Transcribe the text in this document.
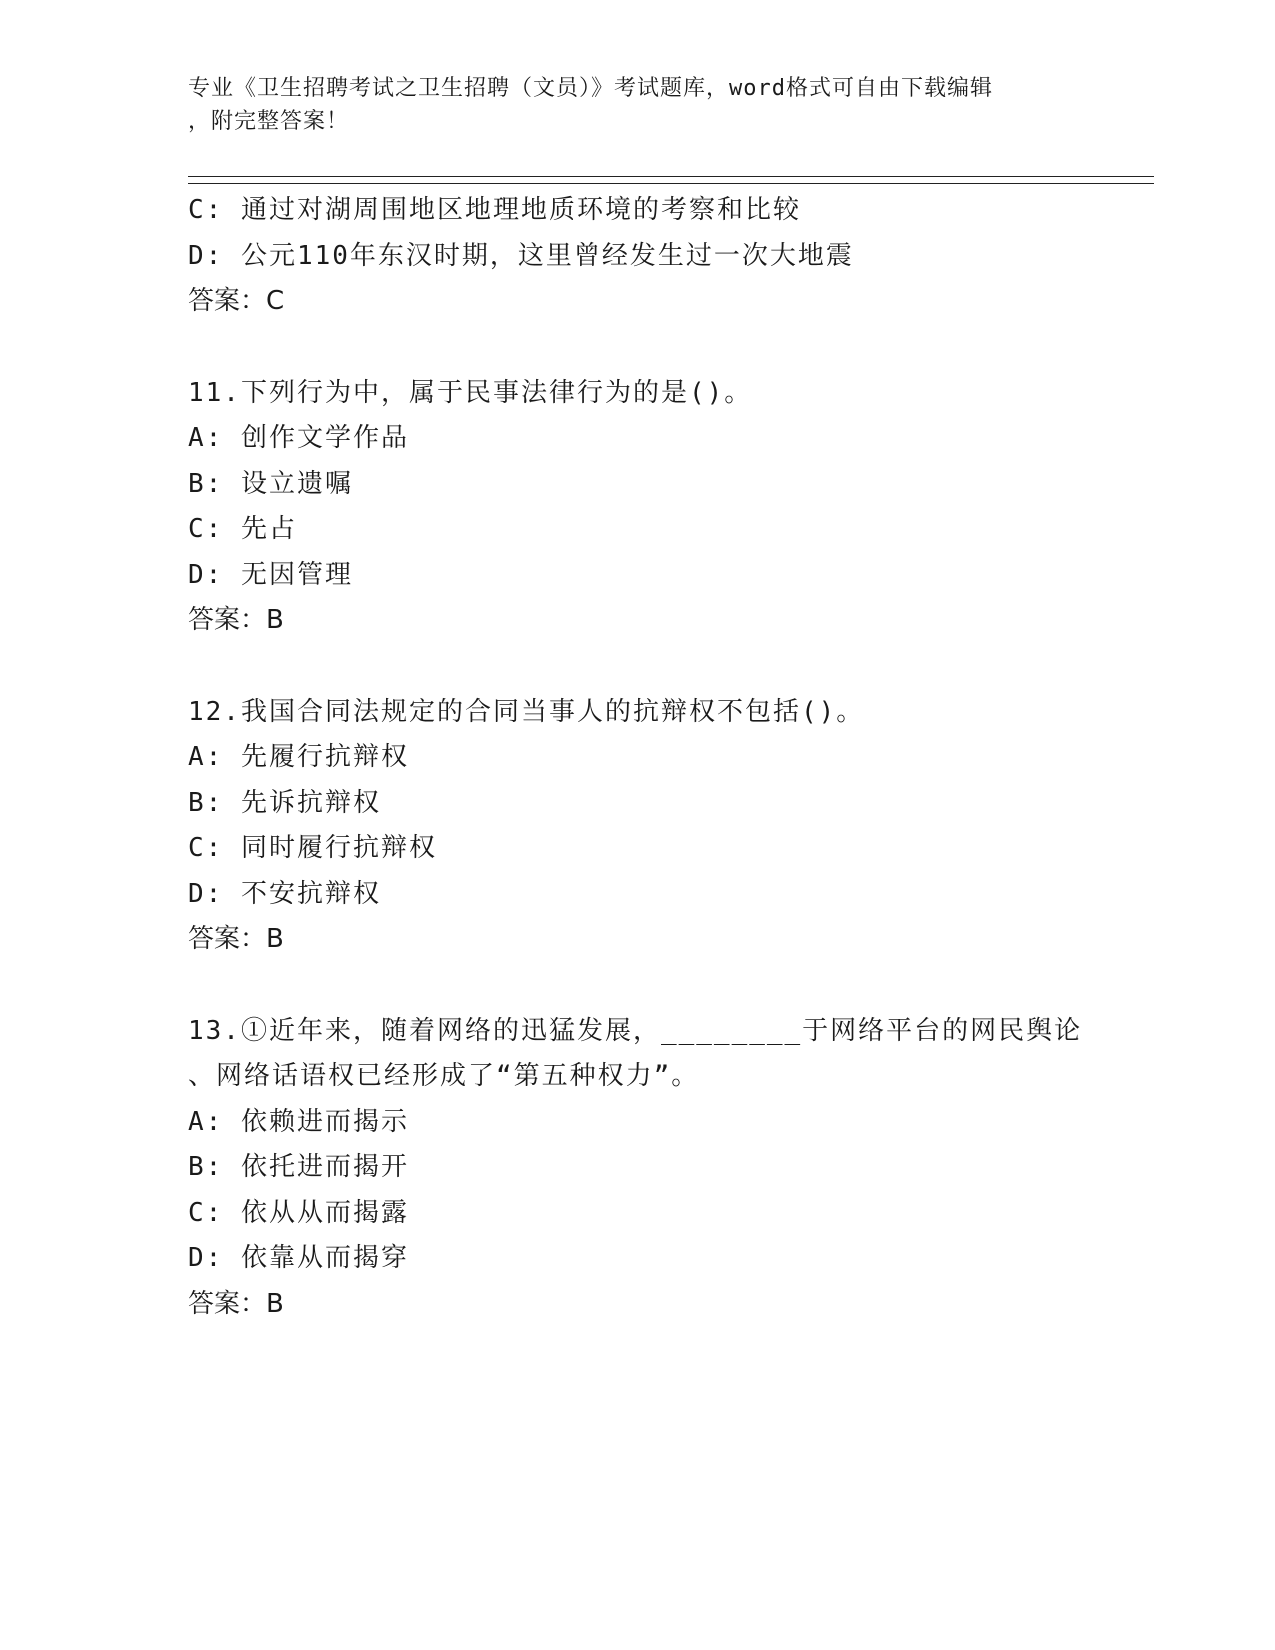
专业《卫生招聘考试之卫生招聘（文员）》考试题库，word格式可自由下载编辑
，附完整答案！
C: 通过对湖周围地区地理地质环境的考察和比较
D: 公元110年东汉时期，这里曾经发生过一次大地震
答案：C
11.下列行为中，属于民事法律行为的是()。
A: 创作文学作品
B: 设立遗嘱
C: 先占
D: 无因管理
答案：B
12.我国合同法规定的合同当事人的抗辩权不包括()。
A: 先履行抗辩权
B: 先诉抗辩权
C: 同时履行抗辩权
D: 不安抗辩权
答案：B
13.①近年来，随着网络的迅猛发展，________于网络平台的网民舆论
、网络话语权已经形成了“第五种权力”。
A: 依赖进而揭示
B: 依托进而揭开
C: 依从从而揭露
D: 依靠从而揭穿
答案：B
